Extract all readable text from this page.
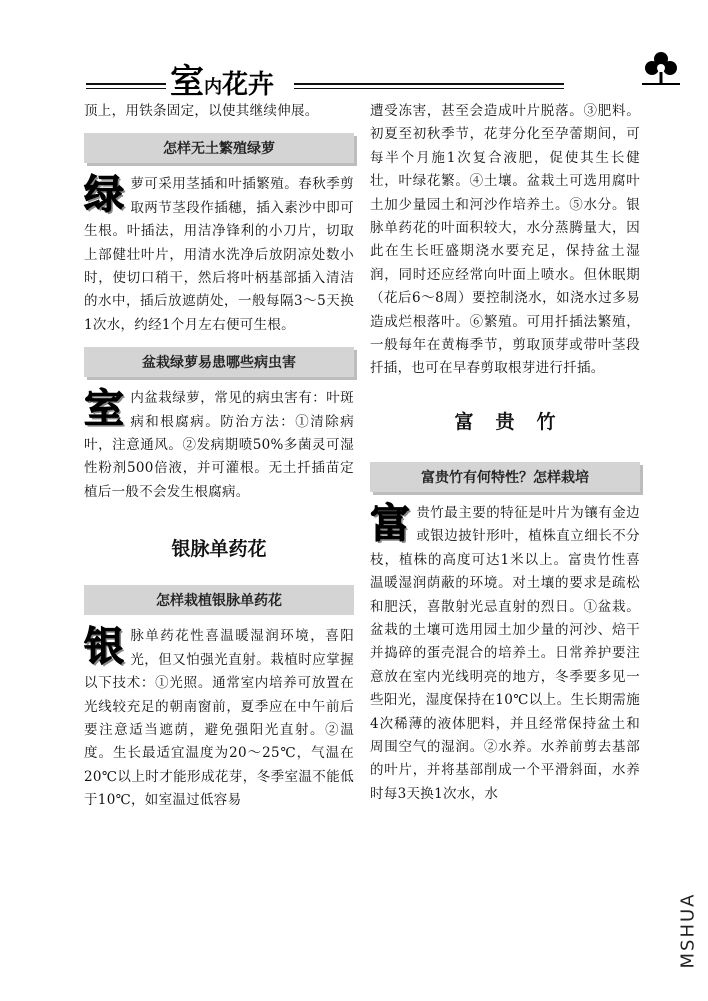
室内花卉

顶上，用铁条固定，以使其继续伸展。

怎样无土繁殖绿萝

绿萝可采用茎插和叶插繁殖。春秋季剪取两节茎段作插穗，插入素沙中即可生根。叶插法，用洁净锋利的小刀片，切取上部健壮叶片，用清水洗净后放阴凉处数小时，使切口稍干，然后将叶柄基部插入清洁的水中，插后放遮荫处，一般每隔3～5天换1次水，约经1个月左右便可生根。

盆栽绿萝易患哪些病虫害

室内盆栽绿萝，常见的病虫害有：叶斑病和根腐病。防治方法：①清除病叶，注意通风。②发病期喷50%多菌灵可湿性粉剂500倍液，并可灌根。无土扦插苗定植后一般不会发生根腐病。

银脉单药花
怎样栽植银脉单药花

银脉单药花性喜温暖湿润环境，喜阳光，但又怕强光直射。栽植时应掌握以下技术：①光照。通常室内培养可放置在光线较充足的朝南窗前，夏季应在中午前后要注意适当遮荫，避免强阳光直射。②温度。生长最适宜温度为20～25℃，气温在20℃以上时才能形成花芽，冬季室温不能低于10℃，如室温过低容易

遭受冻害，甚至会造成叶片脱落。③肥料。初夏至初秋季节，花芽分化至孕蕾期间，可每半个月施1次复合液肥，促使其生长健壮，叶绿花繁。④土壤。盆栽土可选用腐叶土加少量园土和河沙作培养土。⑤水分。银脉单药花的叶面积较大，水分蒸腾量大，因此在生长旺盛期浇水要充足，保持盆土湿润，同时还应经常向叶面上喷水。但休眠期（花后6～8周）要控制浇水，如浇水过多易造成烂根落叶。⑥繁殖。可用扦插法繁殖，一般每年在黄梅季节，剪取顶芽或带叶茎段扦插，也可在早春剪取根芽进行扦插。

富贵竹
富贵竹有何特性？怎样栽培

富贵竹最主要的特征是叶片为镶有金边或银边披针形叶，植株直立细长不分枝，植株的高度可达1米以上。富贵竹性喜温暖湿润荫蔽的环境。对土壤的要求是疏松和肥沃，喜散射光忌直射的烈日。①盆栽。盆栽的土壤可选用园土加少量的河沙、焙干并捣碎的蛋壳混合的培养土。日常养护要注意放在室内光线明亮的地方，冬季要多见一些阳光，湿度保持在10℃以上。生长期需施4次稀薄的液体肥料，并且经常保持盆土和周围空气的湿润。②水养。水养前剪去基部的叶片，并将基部削成一个平滑斜面，水养时每3天换1次水，水

MSHUA
